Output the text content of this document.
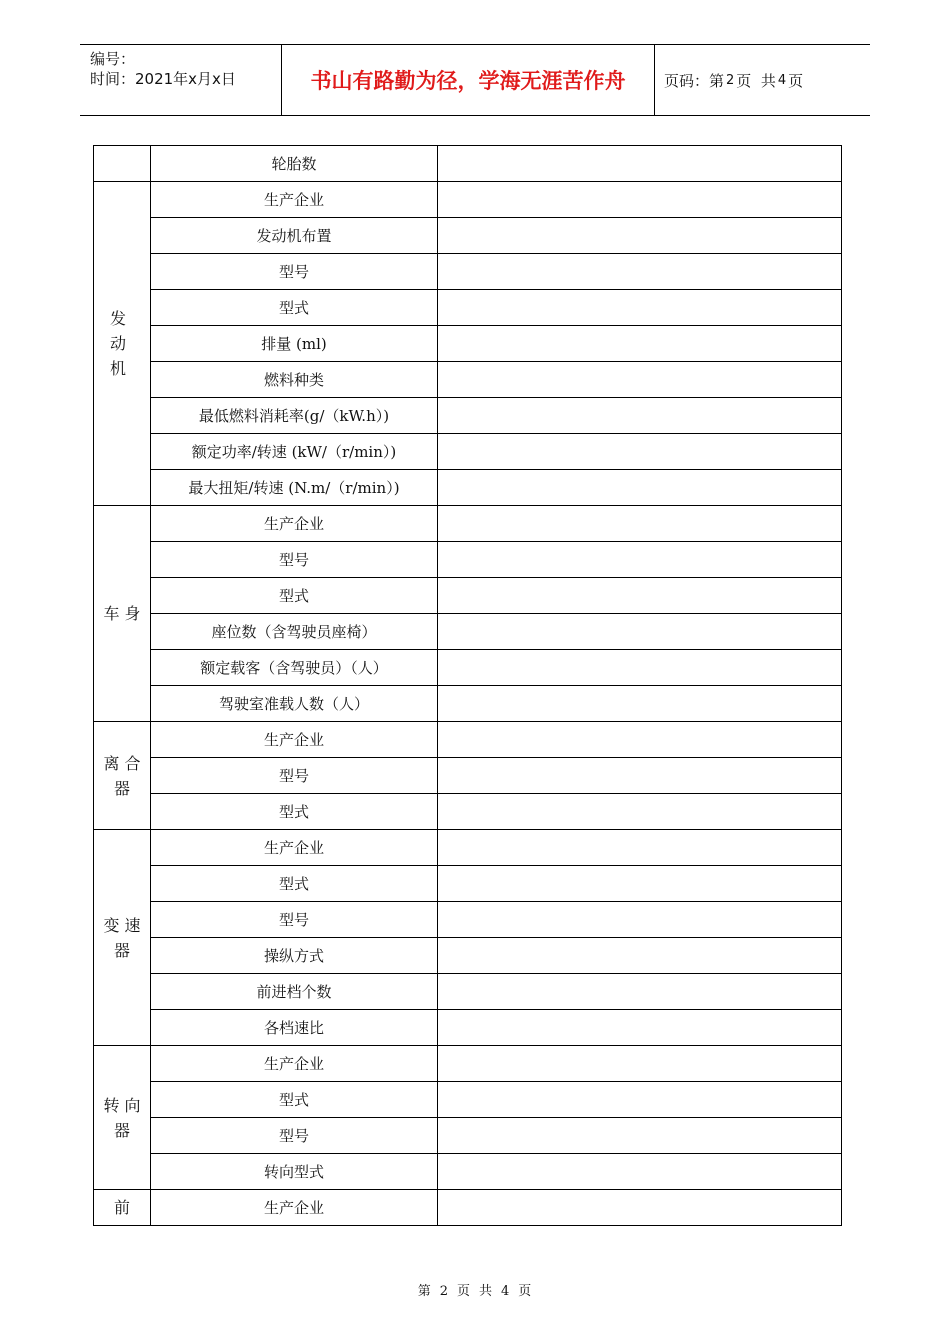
编号：
时间：2021年x月x日	书山有路勤为径，学海无涯苦作舟	页码：第 2 页  共 4 页
	轮胎数	
发 动 机	生产企业	
	发动机布置	
	型号	
	型式	
	排量 (ml)	
	燃料种类	
	最低燃料消耗率(g/（kW.h）)	
	额定功率/转速 (kW/（r/min）)	
	最大扭矩/转速 (N.m/（r/min）)	
车 身	生产企业	
	型号	
	型式	
	座位数（含驾驶员座椅）	
	额定载客（含驾驶员）（人）	
	驾驶室准载人数（人）	
离 合 器	生产企业	
	型号	
	型式	
变 速 器	生产企业	
	型式	
	型号	
	操纵方式	
	前进档个数	
	各档速比	
转 向 器	生产企业	
	型式	
	型号	
	转向型式	
前	生产企业	
第 2 页 共 4 页
